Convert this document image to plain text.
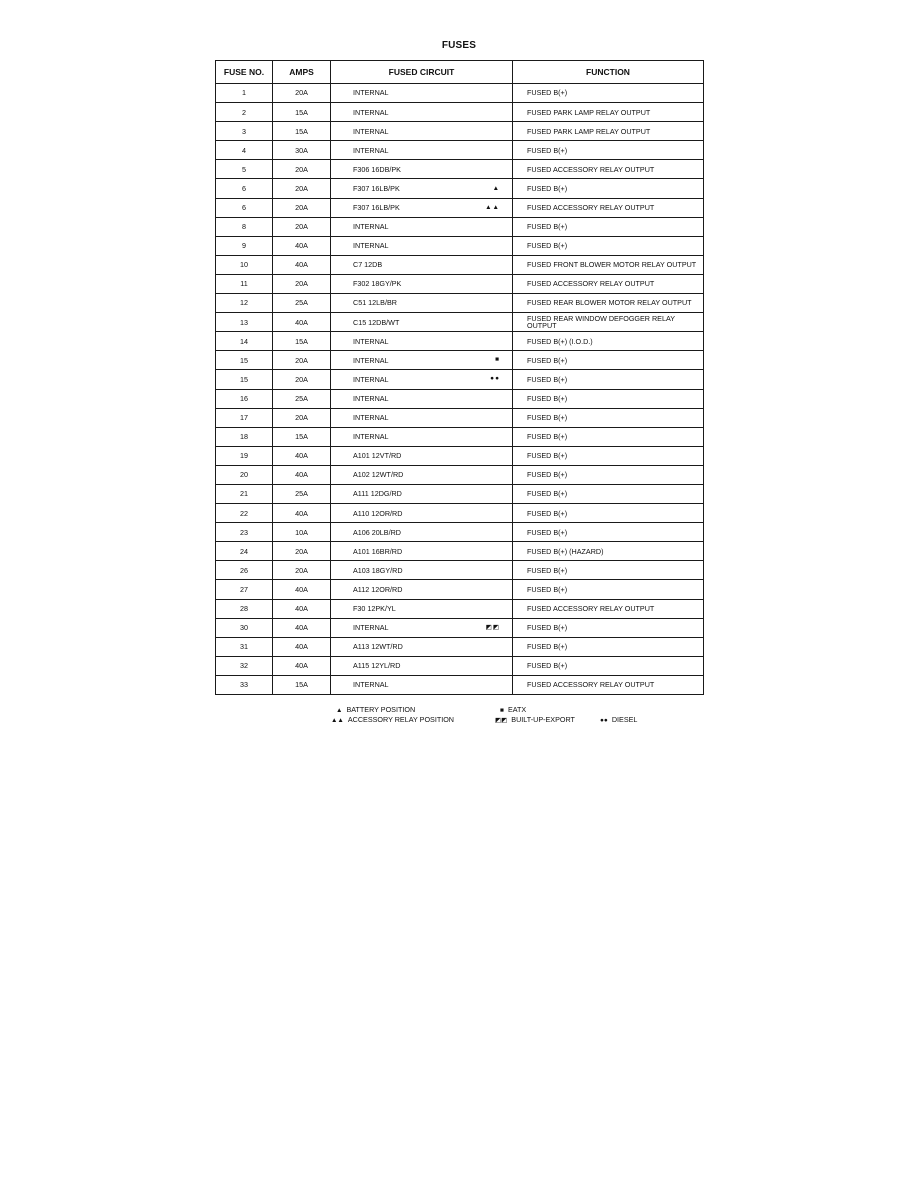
FUSES
FUSE NO.	AMPS	FUSED CIRCUIT	FUNCTION
1	20A	INTERNAL	FUSED B(+)
2	15A	INTERNAL	FUSED PARK LAMP RELAY OUTPUT
3	15A	INTERNAL	FUSED PARK LAMP RELAY OUTPUT
4	30A	INTERNAL	FUSED B(+)
5	20A	F306 16DB/PK	FUSED ACCESSORY RELAY OUTPUT
6	20A	F307 16LB/PK ▲	FUSED B(+)
6	20A	F307 16LB/PK ▲▲	FUSED ACCESSORY RELAY OUTPUT
8	20A	INTERNAL	FUSED B(+)
9	40A	INTERNAL	FUSED B(+)
10	40A	C7 12DB	FUSED FRONT BLOWER MOTOR RELAY OUTPUT
11	20A	F302 18GY/PK	FUSED ACCESSORY RELAY OUTPUT
12	25A	C51 12LB/BR	FUSED REAR BLOWER MOTOR RELAY OUTPUT
13	40A	C15 12DB/WT	FUSED REAR WINDOW DEFOGGER RELAY OUTPUT
14	15A	INTERNAL	FUSED B(+) (I.O.D.)
15	20A	INTERNAL ■	FUSED B(+)
15	20A	INTERNAL ●●	FUSED B(+)
16	25A	INTERNAL	FUSED B(+)
17	20A	INTERNAL	FUSED B(+)
18	15A	INTERNAL	FUSED B(+)
19	40A	A101 12VT/RD	FUSED B(+)
20	40A	A102 12WT/RD	FUSED B(+)
21	25A	A111 12DG/RD	FUSED B(+)
22	40A	A110 12OR/RD	FUSED B(+)
23	10A	A106 20LB/RD	FUSED B(+)
24	20A	A101 16BR/RD	FUSED B(+) (HAZARD)
26	20A	A103 18GY/RD	FUSED B(+)
27	40A	A112 12OR/RD	FUSED B(+)
28	40A	F30 12PK/YL	FUSED ACCESSORY RELAY OUTPUT
30	40A	INTERNAL ◩◩	FUSED B(+)
31	40A	A113 12WT/RD	FUSED B(+)
32	40A	A115 12YL/RD	FUSED B(+)
33	15A	INTERNAL	FUSED ACCESSORY RELAY OUTPUT
▲ BATTERY POSITION
▲▲ ACCESSORY RELAY POSITION
■ EATX
◩◩ BUILT-UP-EXPORT	●● DIESEL
